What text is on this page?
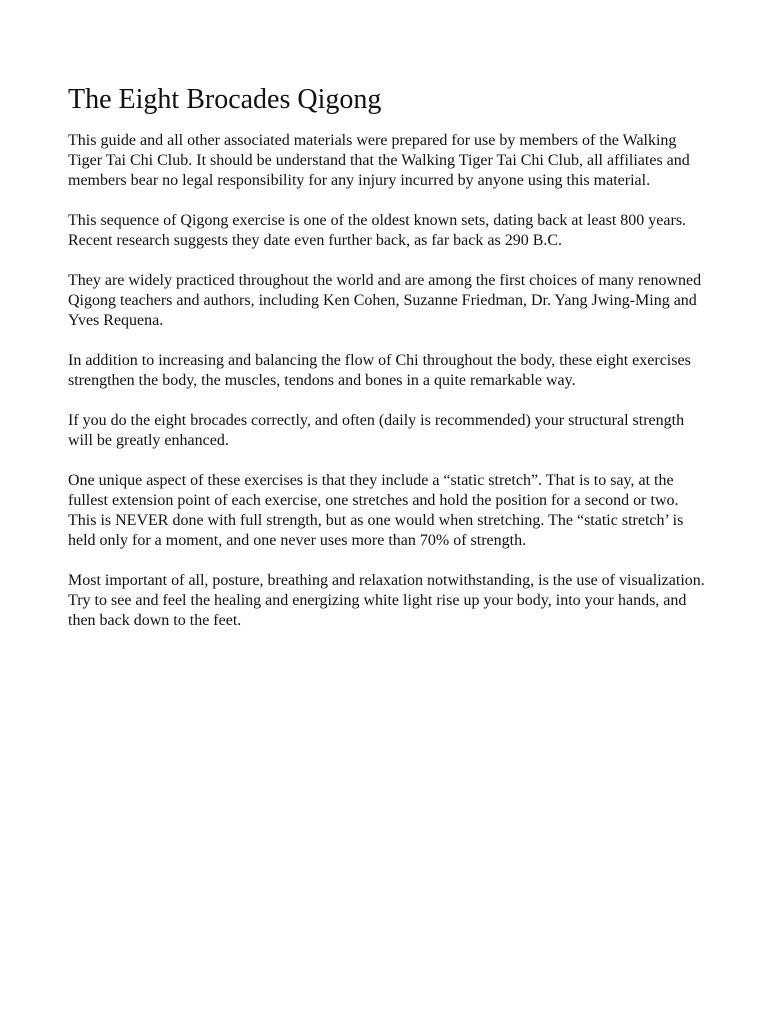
The Eight Brocades Qigong

This guide and all other associated materials were prepared for use by members of the Walking Tiger Tai Chi Club. It should be understand that the Walking Tiger Tai Chi Club, all affiliates and members bear no legal responsibility for any injury incurred by anyone using this material.

This sequence of Qigong exercise is one of the oldest known sets, dating back at least 800 years. Recent research suggests they date even further back, as far back as 290 B.C.

They are widely practiced throughout the world and are among the first choices of many renowned Qigong teachers and authors, including Ken Cohen, Suzanne Friedman, Dr. Yang Jwing-Ming and Yves Requena.

In addition to increasing and balancing the flow of Chi throughout the body, these eight exercises strengthen the body, the muscles, tendons and bones in a quite remarkable way.

If you do the eight brocades correctly, and often (daily is recommended) your structural strength will be greatly enhanced.

One unique aspect of these exercises is that they include a “static stretch”. That is to say, at the fullest extension point of each exercise, one stretches and hold the position for a second or two. This is NEVER done with full strength, but as one would when stretching. The “static stretch’ is held only for a moment, and one never uses more than 70% of strength.

Most important of all, posture, breathing and relaxation notwithstanding, is the use of visualization. Try to see and feel the healing and energizing white light rise up your body, into your hands, and then back down to the feet.
